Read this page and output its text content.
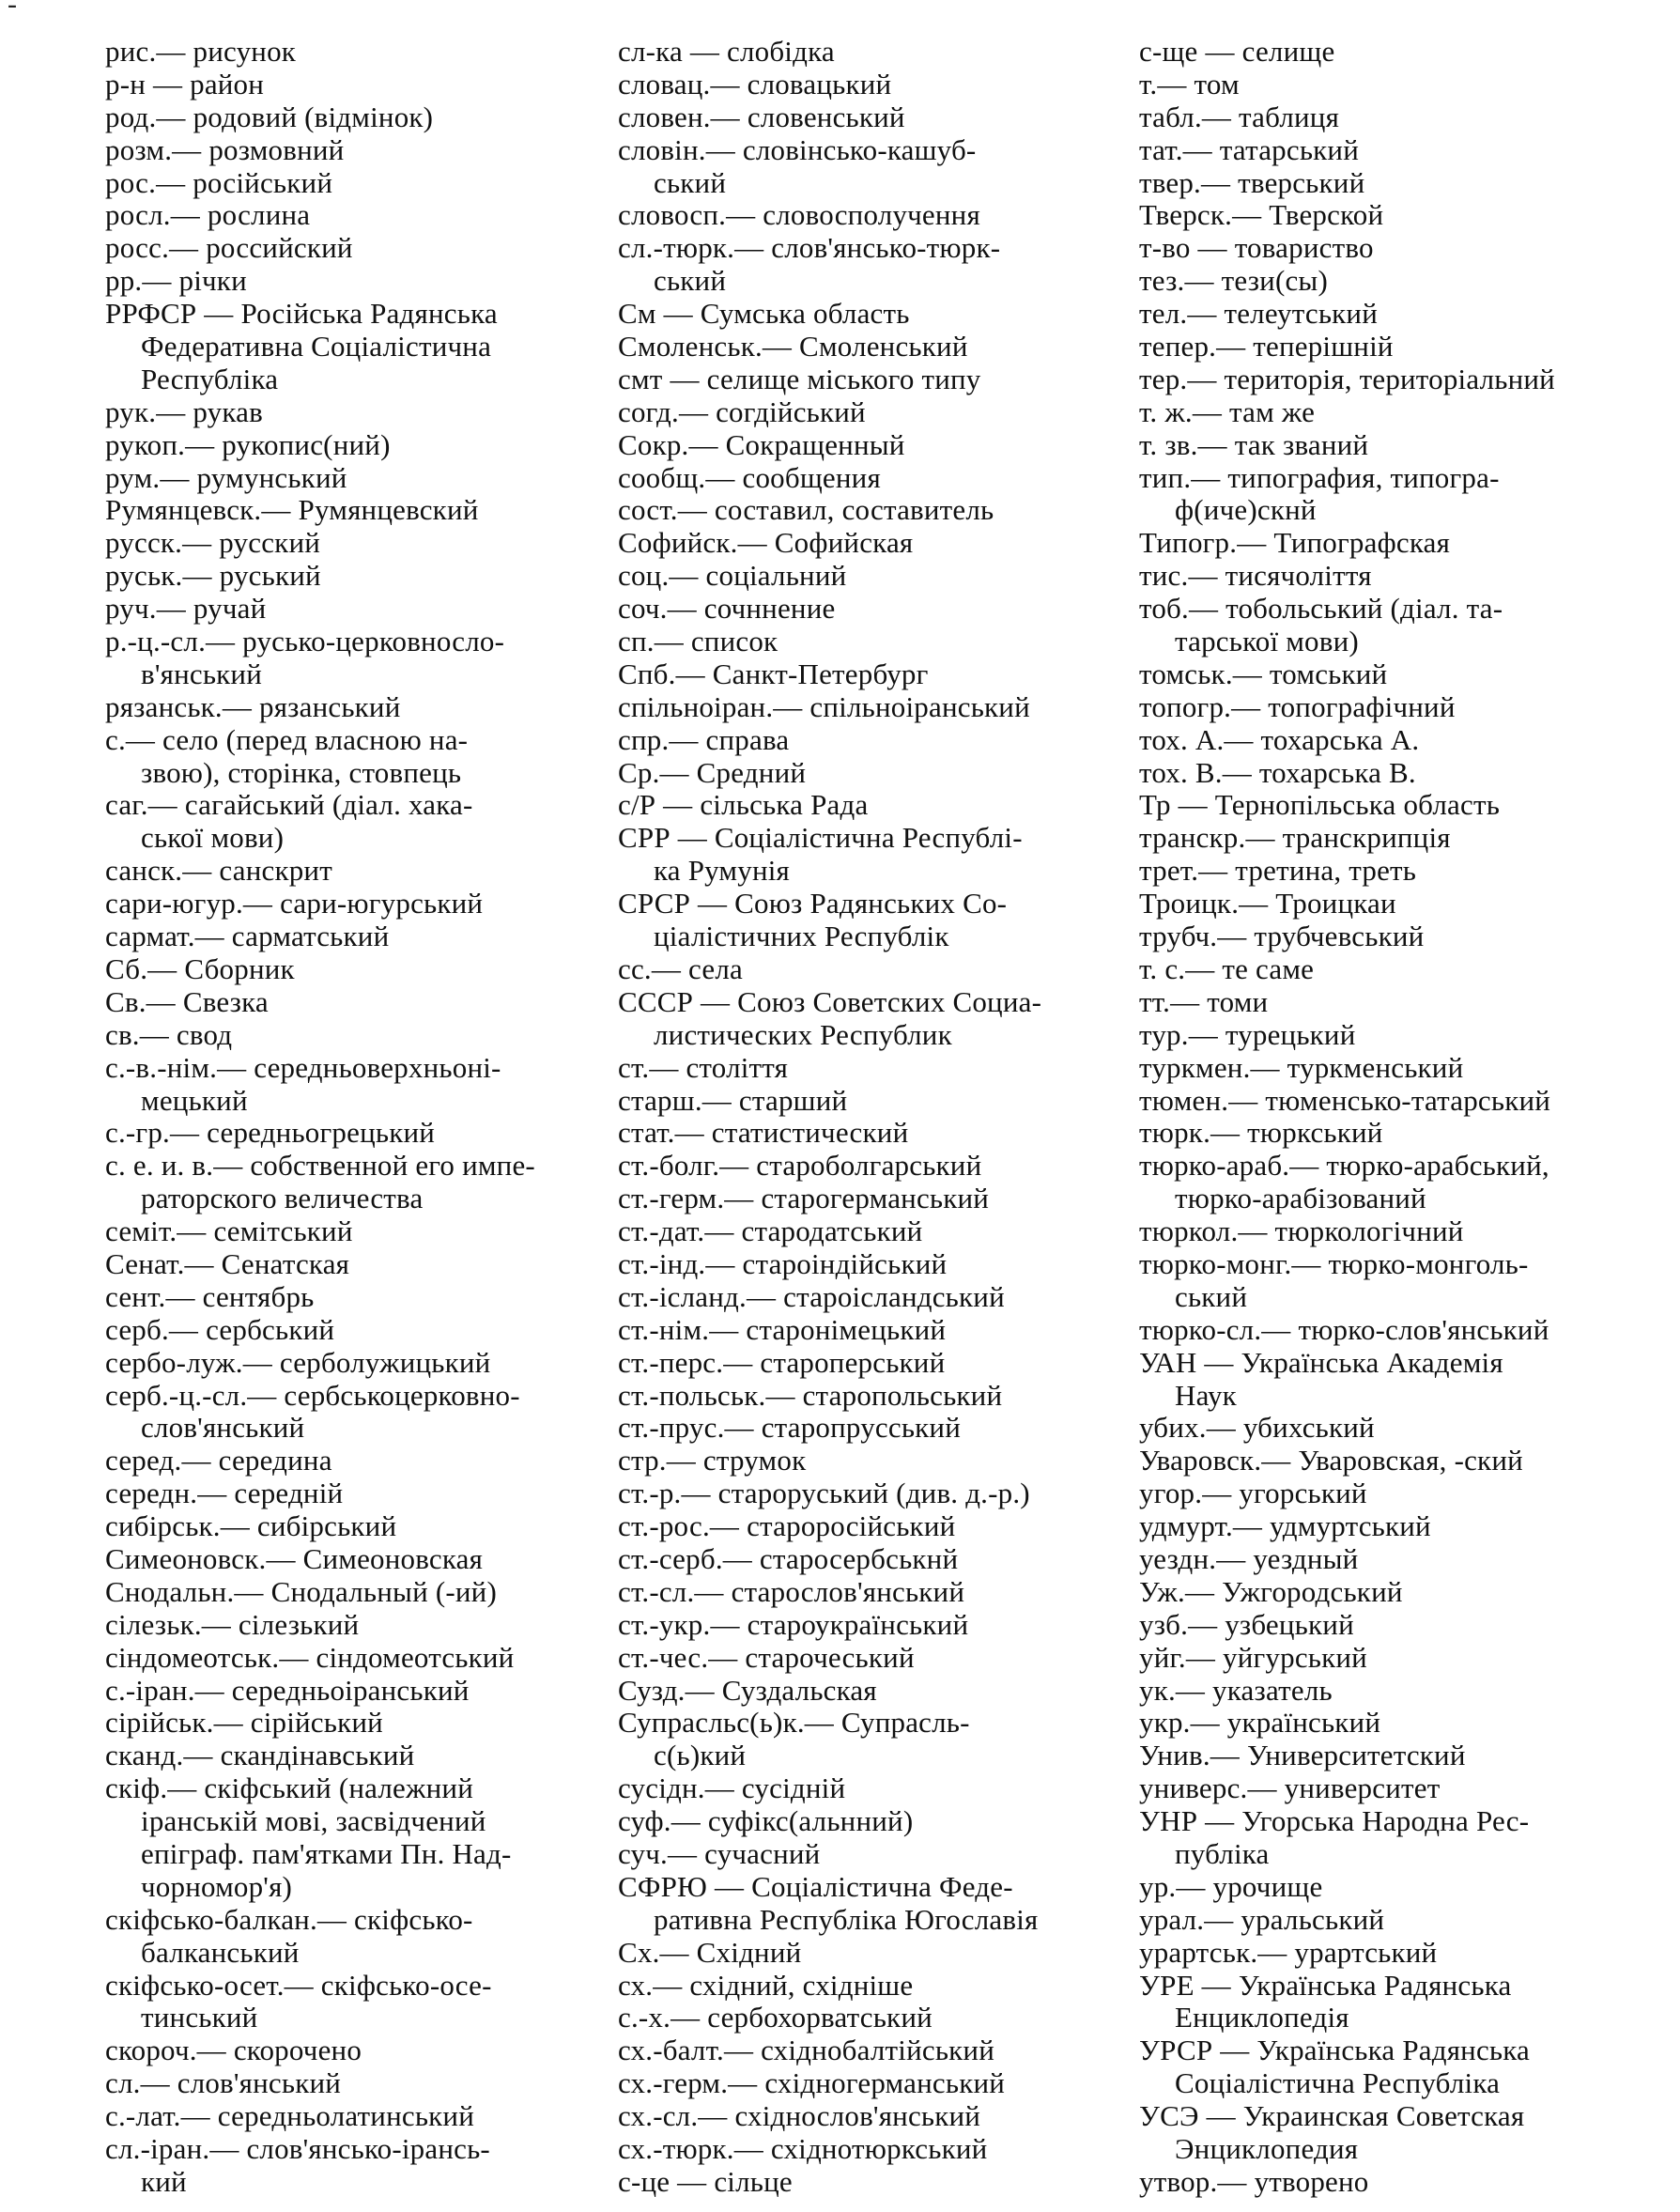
-
рис.— рисунок
р-н — район
род.— родовий (відмінок)
розм.— розмовний
рос.— російський
росл.— рослина
росс.— российский
рр.— річки
РРФСР — Російська Радянська
Федеративна Соціалістична
Республіка
рук.— рукав
рукоп.— рукопис(ний)
рум.— румунський
Румянцевск.— Румянцевский
русск.— русский
руськ.— руський
руч.— ручай
р.-ц.-сл.— русько-церковносло-
в'янський
рязанськ.— рязанський
с.— село (перед власною на-
звою), сторінка, стовпець
саг.— сагайський (діал. хака-
ської мови)
санск.— санскрит
сари-югур.— сари-югурський
сармат.— сарматський
Сб.— Сборник
Св.— Свезка
св.— свод
с.-в.-нім.— середньоверхньоні-
мецький
с.-гр.— середньогрецький
с. е. и. в.— собственной его импе-
раторского величества
семіт.— семітський
Сенат.— Сенатская
сент.— сентябрь
серб.— сербський
сербо-луж.— серболужицький
серб.-ц.-сл.— сербськоцерковно-
слов'янський
серед.— середина
середн.— середній
сибірськ.— сибірський
Симеоновск.— Симеоновская
Снодальн.— Снодальный (-ий)
сілезьк.— сілезький
сіндомеотськ.— сіндомеотський
с.-іран.— середньоіранський
сірійськ.— сірійський
сканд.— скандінавський
скіф.— скіфський (належний
іранській мові, засвідчений
епіграф. пам'ятками Пн. Над-
чорномор'я)
скіфсько-балкан.— скіфсько-
балканський
скіфсько-осет.— скіфсько-осе-
тинський
скороч.— скорочено
сл.— слов'янський
с.-лат.— середньолатинський
сл.-іран.— слов'янсько-ірансь-
кий
сл-ка — слобідка
словац.— словацький
словен.— словенський
словін.— словінсько-кашуб-
ський
словосп.— словосполучення
сл.-тюрк.— слов'янсько-тюрк-
ський
См — Сумська область
Смоленськ.— Смоленський
смт — селище міського типу
согд.— согдійський
Сокр.— Сокращенный
сообщ.— сообщения
сост.— составил, составитель
Софийск.— Софийская
соц.— соціальний
соч.— сочннение
сп.— список
Спб.— Санкт-Петербург
спільноіран.— спільноіранський
спр.— справа
Ср.— Средний
с/Р — сільська Рада
СРР — Соціалістична Республі-
ка Румунія
СРСР — Союз Радянських Со-
ціалістичних Республік
сс.— села
СССР — Союз Советских Социа-
листических Республик
ст.— століття
старш.— старший
стат.— статистический
ст.-болг.— староболгарський
ст.-герм.— старогерманський
ст.-дат.— стародатський
ст.-інд.— староіндійський
ст.-ісланд.— староісландський
ст.-нім.— старонімецький
ст.-перс.— староперський
ст.-польськ.— старопольський
ст.-прус.— старопрусський
стр.— струмок
ст.-р.— староруський (див. д.-р.)
ст.-рос.— староросійський
ст.-серб.— старосербськнй
ст.-сл.— старослов'янський
ст.-укр.— староукраїнський
ст.-чес.— старочеський
Сузд.— Суздальская
Супрасльс(ь)к.— Супрасль-
с(ь)кий
сусідн.— сусідній
суф.— суфікс(альнний)
суч.— сучасний
СФРЮ — Соціалістична Феде-
ративна Республіка Югославія
Сх.— Східний
сх.— східний, східніше
с.-х.— сербохорватський
сх.-балт.— східнобалтійський
сх.-герм.— східногерманський
сх.-сл.— східнослов'янський
сх.-тюрк.— східнотюркський
с-це — сільце
с-ще — селище
т.— том
табл.— таблиця
тат.— татарський
твер.— тверський
Тверск.— Тверской
т-во — товариство
тез.— тези(сы)
тел.— телеутський
тепер.— теперішній
тер.— територія, територіальний
т. ж.— там же
т. зв.— так званий
тип.— типография, типогра-
ф(иче)скнй
Типогр.— Типографская
тис.— тисячоліття
тоб.— тобольський (діал. та-
тарської мови)
томськ.— томський
топогр.— топографічний
тох. А.— тохарська А.
тох. В.— тохарська В.
Тр — Тернопільська область
транскр.— транскрипція
трет.— третина, треть
Троицк.— Троицкаи
трубч.— трубчевський
т. с.— те саме
тт.— томи
тур.— турецький
туркмен.— туркменський
тюмен.— тюменсько-татарський
тюрк.— тюркський
тюрко-араб.— тюрко-арабський,
тюрко-арабізований
тюркол.— тюркологічний
тюрко-монг.— тюрко-монголь-
ський
тюрко-сл.— тюрко-слов'янський
УАН — Українська Академія
Наук
убих.— убихський
Уваровск.— Уваровская, -ский
угор.— угорський
удмурт.— удмуртський
уездн.— уездный
Уж.— Ужгородський
узб.— узбецький
уйг.— уйгурський
ук.— указатель
укр.— український
Унив.— Университетский
универс.— университет
УНР — Угорська Народна Рес-
публіка
ур.— урочище
урал.— уральський
урартськ.— урартський
УРЕ — Українська Радянська
Енциклопедія
УРСР — Українська Радянська
Соціалістична Республіка
УСЭ — Украинская Советская
Энциклопедия
утвор.— утворено
